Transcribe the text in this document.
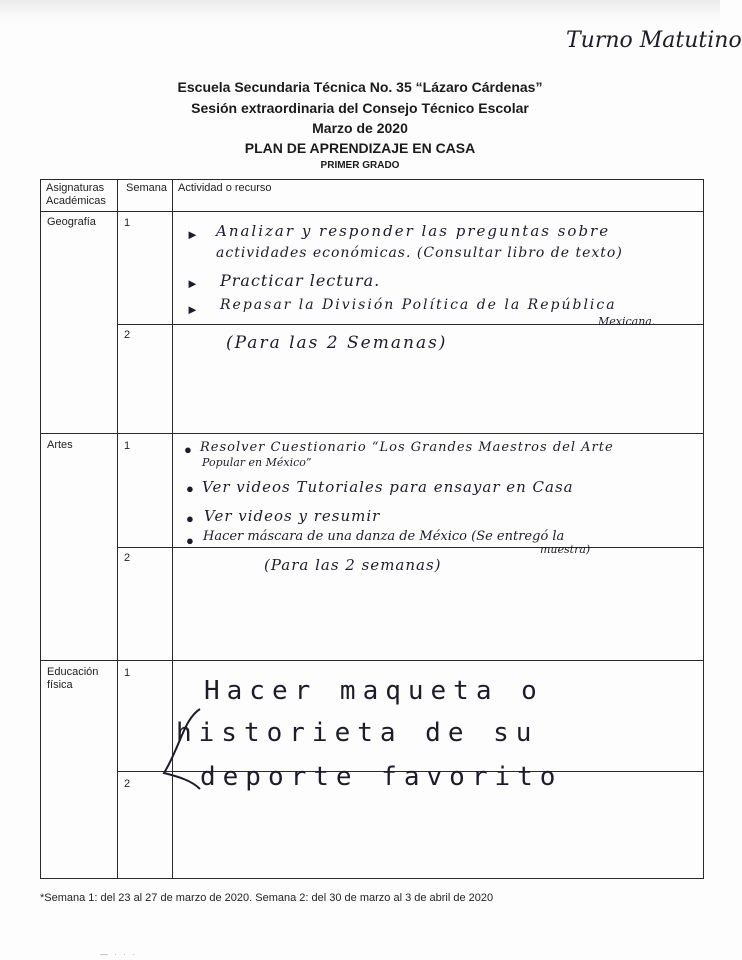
Turno Matutino
Escuela Secundaria Técnica No. 35 “Lázaro Cárdenas”
Sesión extraordinaria del Consejo Técnico Escolar
Marzo de 2020
PLAN DE APRENDIZAJE EN CASA
PRIMER GRADO
Asignaturas Académicas
Semana Actividad o recurso
Geografía	1
2
► Analizar y responder las preguntas sobre
actividades económicas. (Consultar libro de texto)
► Practicar lectura.
► Repasar la División Política de la República
Mexicana.
(Para las 2 Semanas)
Artes	1
2
● Resolver Cuestionario “Los Grandes Maestros del Arte
Popular en México”
● Ver videos Tutoriales para ensayar en Casa
● Ver videos y resumir
● Hacer máscara de una danza de México (Se entregó la
muestra)
(Para las 2 semanas)
Educación física
1
2
Hacer maqueta o
historieta de su
deporte favorito
*Semana 1: del 23 al 27 de marzo de 2020. Semana 2: del 30 de marzo al 3 de abril de 2020
— · · ·
